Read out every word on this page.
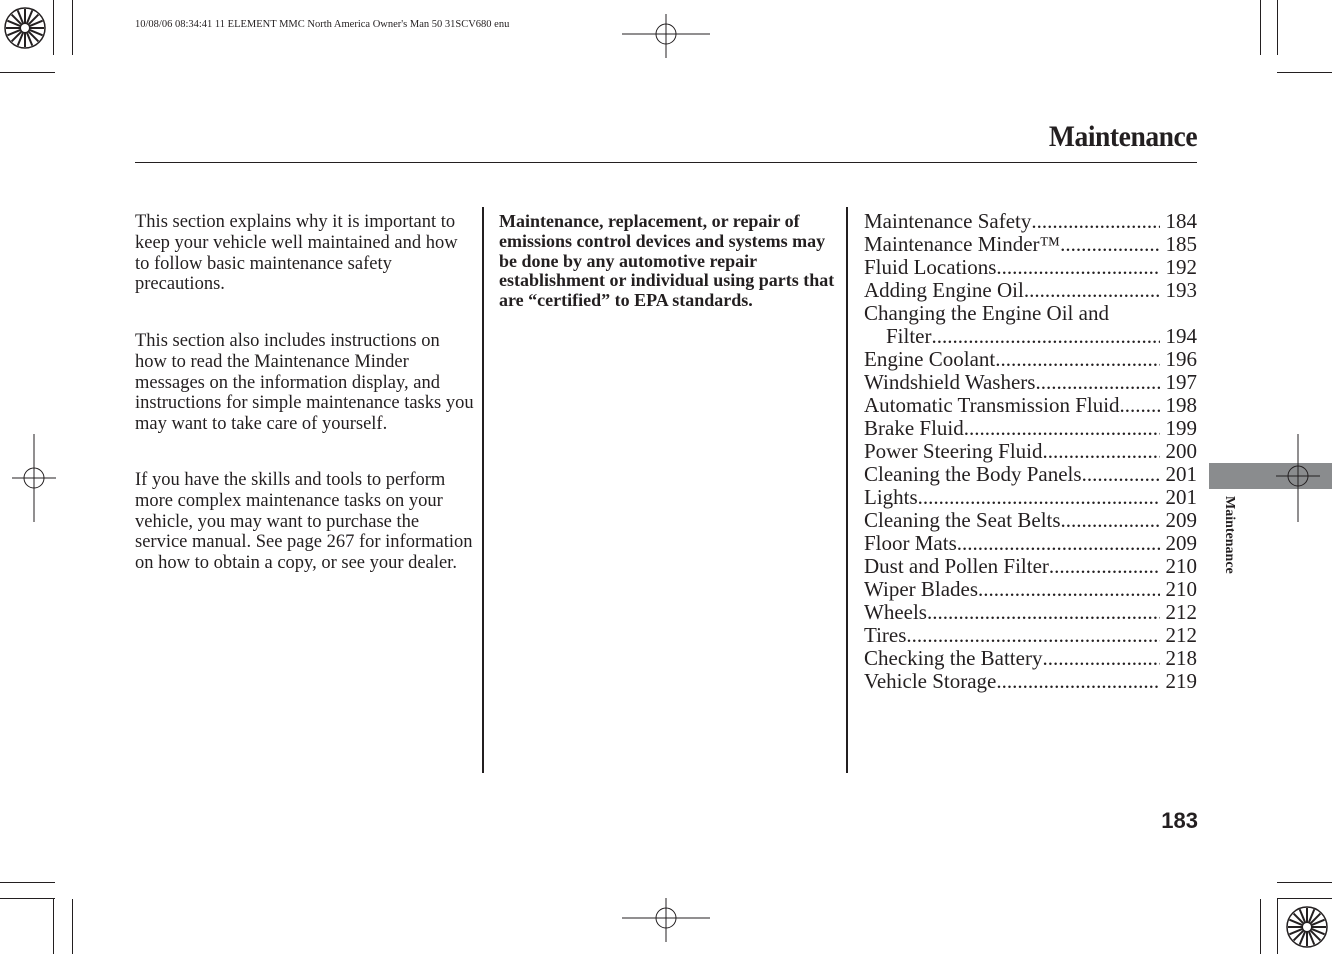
10/08/06 08:34:41 11 ELEMENT MMC North America Owner's Man 50 31SCV680 enu
Maintenance
This section explains why it is important to keep your vehicle well maintained and how to follow basic maintenance safety precautions.
This section also includes instructions on how to read the Maintenance Minder messages on the information display, and instructions for simple maintenance tasks you may want to take care of yourself.
If you have the skills and tools to perform more complex maintenance tasks on your vehicle, you may want to purchase the service manual. See page 267 for information on how to obtain a copy, or see your dealer.
Maintenance, replacement, or repair of emissions control devices and systems may be done by any automotive repair establishment or individual using parts that are “certified” to EPA standards.
Maintenance Safety .....	184
Maintenance Minder™ .....	185
Fluid Locations .....	192
Adding Engine Oil .....	193
Changing the Engine Oil and
Filter .....	194
Engine Coolant .....	196
Windshield Washers .....	197
Automatic Transmission Fluid ..... 198
Brake Fluid .....	199
Power Steering Fluid .....	200
Cleaning the Body Panels .....	201
Lights .....	201
Cleaning the Seat Belts .....	209
Floor Mats .....	209
Dust and Pollen Filter .....	210
Wiper Blades .....	210
Wheels .....	212
Tires .....	212
Checking the Battery .....	218
Vehicle Storage .....	219
Maintenance
183
